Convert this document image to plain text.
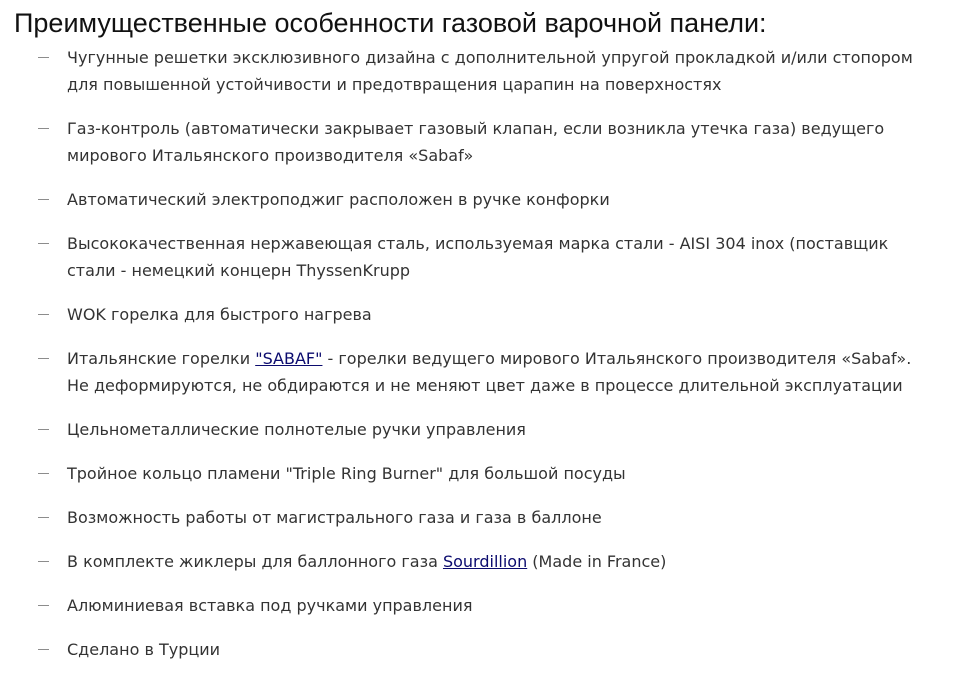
Преимущественные особенности газовой варочной панели:
Чугунные решетки эксклюзивного дизайна с дополнительной упругой прокладкой и/или стопором для повышенной устойчивости и предотвращения царапин на поверхностях
Газ-контроль (автоматически закрывает газовый клапан, если возникла утечка газа) ведущего мирового Итальянского производителя «Sabaf»
Автоматический электроподжиг расположен в ручке конфорки
Высококачественная нержавеющая сталь, используемая марка стали - AISI 304 inox (поставщик стали - немецкий концерн ThyssenKrupp
WOK горелка для быстрого нагрева
Итальянские горелки "SABAF" - горелки ведущего мирового Итальянского производителя «Sabaf». Не деформируются, не обдираются и не меняют цвет даже в процессе длительной эксплуатации
Цельнометаллические полнотелые ручки управления
Тройное кольцо пламени "Triple Ring Burner" для большой посуды
Возможность работы от магистрального газа и газа в баллоне
В комплекте жиклеры для баллонного газа Sourdillion (Made in France)
Алюминиевая вставка под ручками управления
Сделано в Турции
